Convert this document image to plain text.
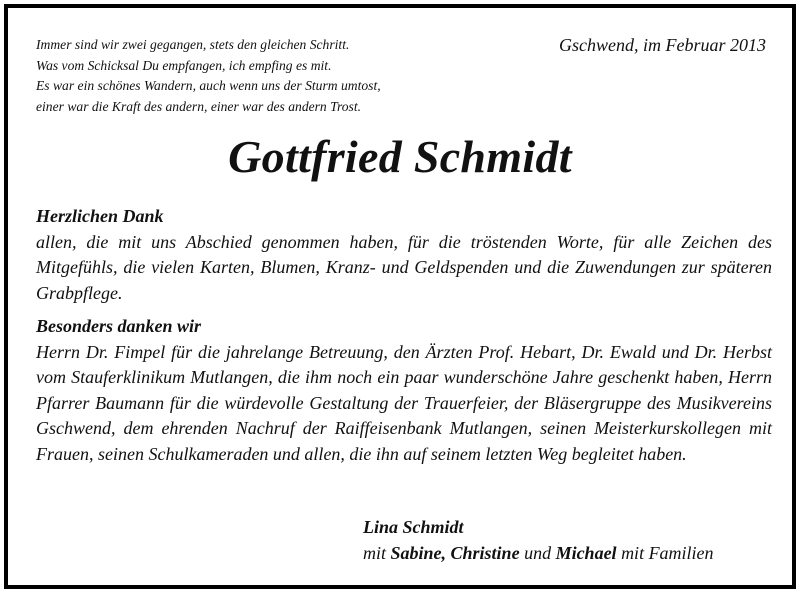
Immer sind wir zwei gegangen, stets den gleichen Schritt.
Was vom Schicksal Du empfangen, ich empfing es mit.
Es war ein schönes Wandern, auch wenn uns der Sturm umtost,
einer war die Kraft des andern, einer war des andern Trost.
Gschwend, im Februar 2013
Gottfried Schmidt
Herzlichen Dank

allen, die mit uns Abschied genommen haben, für die tröstenden Worte, für alle Zeichen des Mitgefühls, die vielen Karten, Blumen, Kranz- und Geldspenden und die Zuwendungen zur späteren Grabpflege.

Besonders danken wir

Herrn Dr. Fimpel für die jahrelange Betreuung, den Ärzten Prof. Hebart, Dr. Ewald und Dr. Herbst vom Stauferklinikum Mutlangen, die ihm noch ein paar wunderschöne Jahre geschenkt haben, Herrn Pfarrer Baumann für die würdevolle Gestaltung der Trauerfeier, der Bläsergruppe des Musikvereins Gschwend, dem ehrenden Nachruf der Raiffeisenbank Mutlangen, seinen Meisterkurskollegen mit Frauen, seinen Schulkameraden und allen, die ihn auf seinem letzten Weg begleitet haben.

Lina Schmidt
mit Sabine, Christine und Michael mit Familien
